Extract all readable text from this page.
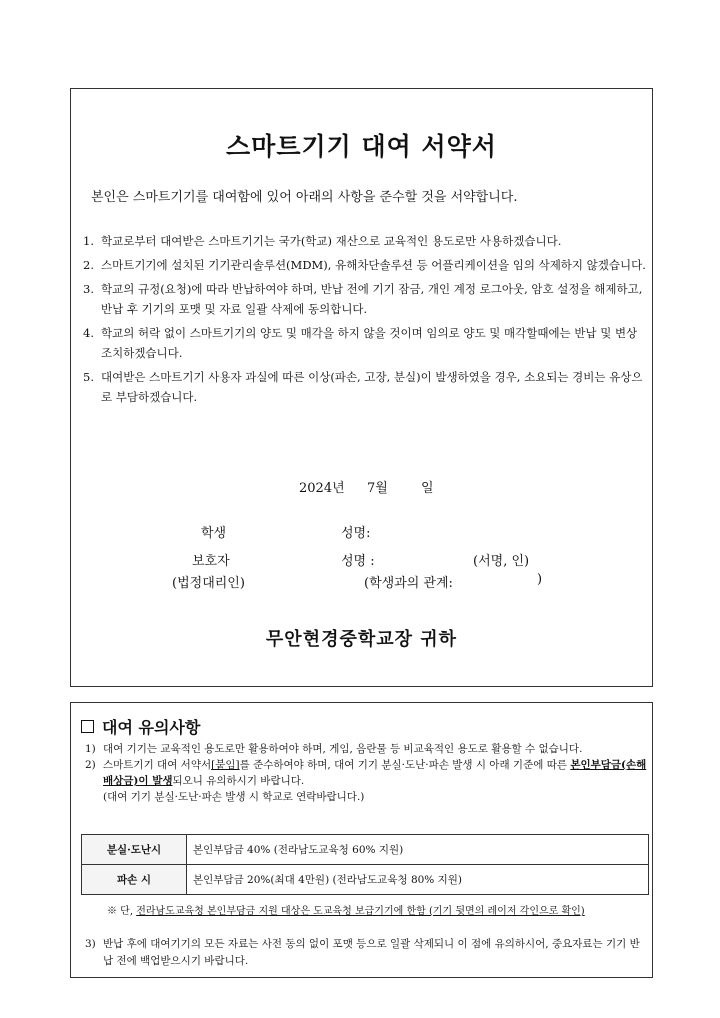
스마트기기 대여 서약서
본인은 스마트기기를 대여함에 있어 아래의 사항을 준수할 것을 서약합니다.
1. 학교로부터 대여받은 스마트기기는 국가(학교) 재산으로 교육적인 용도로만 사용하겠습니다.
2. 스마트기기에 설치된 기기관리솔루션(MDM), 유해차단솔루션 등 어플리케이션을 임의 삭제하지 않겠습니다.
3. 학교의 규정(요청)에 따라 반납하여야 하며, 반납 전에 기기 잠금, 개인 계정 로그아웃, 암호 설정을 해제하고, 반납 후 기기의 포맷 및 자료 일괄 삭제에 동의합니다.
4. 학교의 허락 없이 스마트기기의 양도 및 매각을 하지 않을 것이며 임의로 양도 및 매각할때에는 반납 및 변상 조치하겠습니다.
5. 대여받은 스마트기기 사용자 과실에 따른 이상(파손, 고장, 분실)이 발생하였을 경우, 소요되는 경비는 유상으로 부담하겠습니다.
2024년 7월	일
학생	성명:
보호자	성명 :	(서명, 인)
(법정대리인)	(학생과의 관계:	)
무안현경중학교장 귀하
대여 유의사항
1) 대여 기기는 교육적인 용도로만 활용하여야 하며, 게임, 음란물 등 비교육적인 용도로 활용할 수 없습니다.
2) 스마트기기 대여 서약서[붙임]를 준수하여야 하며, 대여 기기 분실·도난·파손 발생 시 아래 기준에 따른 본인부담금(손해배상금)이 발생되오니 유의하시기 바랍니다.
(대여 기기 분실·도난·파손 발생 시 학교로 연락바랍니다.)
분실·도난시	본인부담금 40% (전라남도교육청 60% 지원)
파손 시	본인부담금 20%(최대 4만원) (전라남도교육청 80% 지원)
※ 단, 전라남도교육청 본인부담금 지원 대상은 도교육청 보급기기에 한함 (기기 뒷면의 레이저 각인으로 확인)
3) 반납 후에 대여기기의 모든 자료는 사전 동의 없이 포맷 등으로 일괄 삭제되니 이 점에 유의하시어, 중요자료는 기기 반납 전에 백업받으시기 바랍니다.
